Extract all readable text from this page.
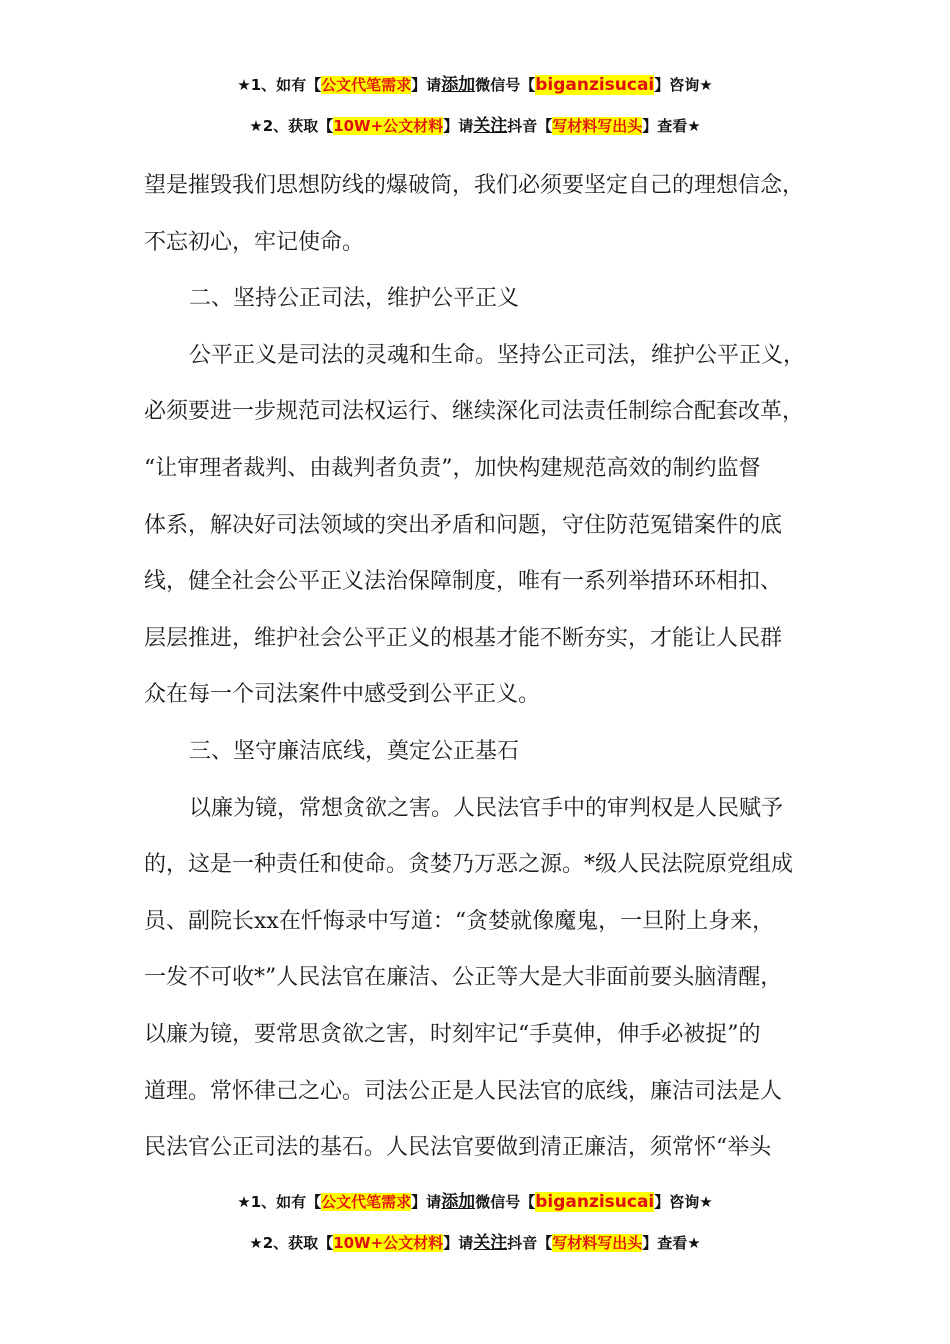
★1、如有【公文代笔需求】请添加微信号【biganzisucai】咨询★
★2、获取【10W+公文材料】请关注抖音【写材料写出头】查看★

望是摧毁我们思想防线的爆破筒，我们必须要坚定自己的理想信念，

不忘初心，牢记使命。

二、坚持公正司法，维护公平正义

公平正义是司法的灵魂和生命。坚持公正司法，维护公平正义，

必须要进一步规范司法权运行、继续深化司法责任制综合配套改革，

“让审理者裁判、由裁判者负责”，加快构建规范高效的制约监督

体系，解决好司法领域的突出矛盾和问题，守住防范冤错案件的底

线，健全社会公平正义法治保障制度，唯有一系列举措环环相扣、

层层推进，维护社会公平正义的根基才能不断夯实，才能让人民群

众在每一个司法案件中感受到公平正义。

三、坚守廉洁底线，奠定公正基石

以廉为镜，常想贪欲之害。人民法官手中的审判权是人民赋予

的，这是一种责任和使命。贪婪乃万恶之源。*级人民法院原党组成

员、副院长xx在忏悔录中写道：“贪婪就像魔鬼，一旦附上身来，

一发不可收*”人民法官在廉洁、公正等大是大非面前要头脑清醒，

以廉为镜，要常思贪欲之害，时刻牢记“手莫伸，伸手必被捉”的

道理。常怀律己之心。司法公正是人民法官的底线，廉洁司法是人

民法官公正司法的基石。人民法官要做到清正廉洁，须常怀“举头

★1、如有【公文代笔需求】请添加微信号【biganzisucai】咨询★
★2、获取【10W+公文材料】请关注抖音【写材料写出头】查看★
